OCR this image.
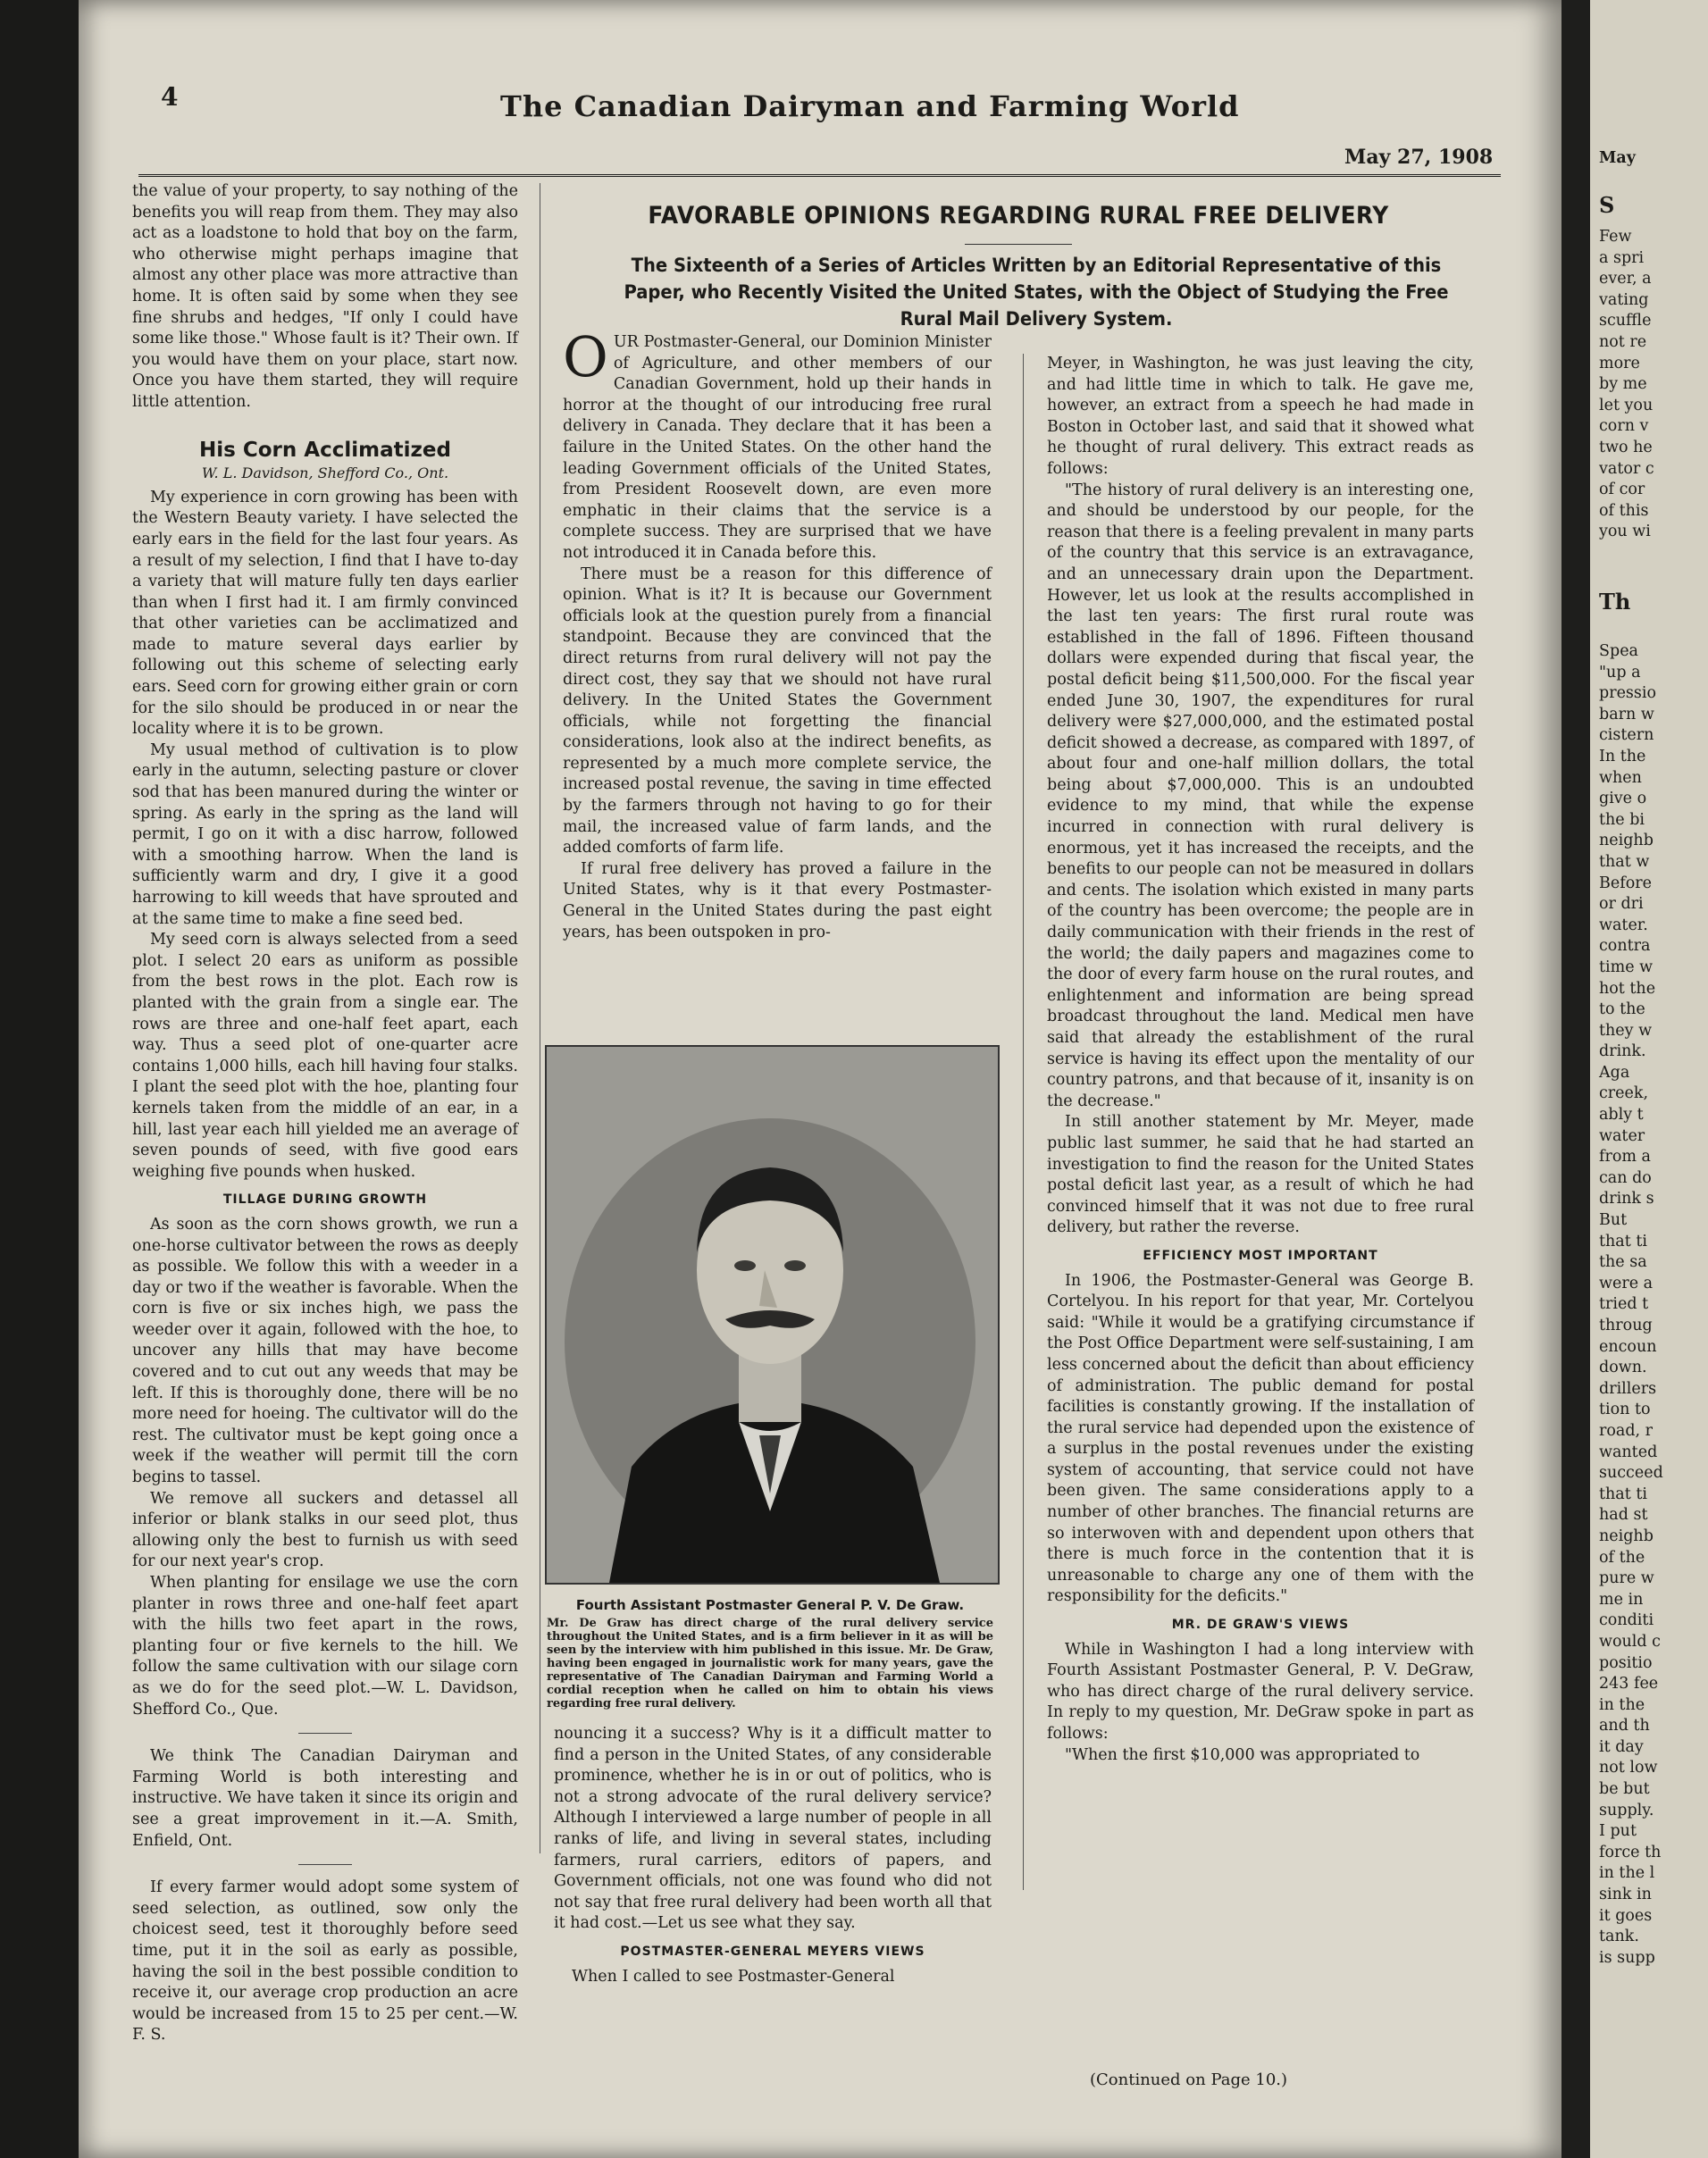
4	The Canadian Dairyman and Farming World
May 27, 1908

the value of your property, to say nothing of the benefits you will reap from them. They may also act as a loadstone to hold that boy on the farm, who otherwise might perhaps imagine that almost any other place was more attractive than home. It is often said by some when they see fine shrubs and hedges, "If only I could have some like those." Whose fault is it? Their own. If you would have them on your place, start now. Once you have them started, they will require little attention.

His Corn Acclimatized
W. L. Davidson, Shefford Co., Ont.

My experience in corn growing has been with the Western Beauty variety. I have selected the early ears in the field for the last four years. As a result of my selection, I find that I have to-day a variety that will mature fully ten days earlier than when I first had it. I am firmly convinced that other varieties can be acclimatized and made to mature several days earlier by following out this scheme of selecting early ears. Seed corn for growing either grain or corn for the silo should be produced in or near the locality where it is to be grown.

My usual method of cultivation is to plow early in the autumn, selecting pasture or clover sod that has been manured during the winter or spring. As early in the spring as the land will permit, I go on it with a disc harrow, followed with a smoothing harrow. When the land is sufficiently warm and dry, I give it a good harrowing to kill weeds that have sprouted and at the same time to make a fine seed bed.

My seed corn is always selected from a seed plot. I select 20 ears as uniform as possible from the best rows in the plot. Each row is planted with the grain from a single ear. The rows are three and one-half feet apart, each way. Thus a seed plot of one-quarter acre contains 1,000 hills, each hill having four stalks. I plant the seed plot with the hoe, planting four kernels taken from the middle of an ear, in a hill, last year each hill yielded me an average of seven pounds of seed, with five good ears weighing five pounds when husked.

TILLAGE DURING GROWTH

As soon as the corn shows growth, we run a one-horse cultivator between the rows as deeply as possible. We follow this with a weeder in a day or two if the weather is favorable. When the corn is five or six inches high, we pass the weeder over it again, followed with the hoe, to uncover any hills that may have become covered and to cut out any weeds that may be left. If this is thoroughly done, there will be no more need for hoeing. The cultivator will do the rest. The cultivator must be kept going once a week if the weather will permit till the corn begins to tassel.

We remove all suckers and detassel all inferior or blank stalks in our seed plot, thus allowing only the best to furnish us with seed for our next year's crop.

When planting for ensilage we use the corn planter in rows three and one-half feet apart with the hills two feet apart in the rows, planting four or five kernels to the hill. We follow the same cultivation with our silage corn as we do for the seed plot.—W. L. Davidson, Shefford Co., Que.

We think The Canadian Dairyman and Farming World is both interesting and instructive. We have taken it since its origin and see a great improvement in it.—A. Smith, Enfield, Ont.

If every farmer would adopt some system of seed selection, as outlined, sow only the choicest seed, test it thoroughly before seed time, put it in the soil as early as possible, having the soil in the best possible condition to receive it, our average crop production an acre would be increased from 15 to 25 per cent.—W. F. S.

FAVORABLE OPINIONS REGARDING RURAL FREE DELIVERY
The Sixteenth of a Series of Articles Written by an Editorial Representative of this Paper, who Recently Visited the United States, with the Object of Studying the Free Rural Mail Delivery System.

OUR Postmaster-General, our Dominion Minister of Agriculture, and other members of our Canadian Government, hold up their hands in horror at the thought of our introducing free rural delivery in Canada. They declare that it has been a failure in the United States. On the other hand the leading Government officials of the United States, from President Roosevelt down, are even more emphatic in their claims that the service is a complete success. They are surprised that we have not introduced it in Canada before this.

There must be a reason for this difference of opinion. What is it? It is because our Government officials look at the question purely from a financial standpoint. Because they are convinced that the direct returns from rural delivery will not pay the direct cost, they say that we should not have rural delivery. In the United States the Government officials, while not forgetting the financial considerations, look also at the indirect benefits, as represented by a much more complete service, the increased postal revenue, the saving in time effected by the farmers through not having to go for their mail, the increased value of farm lands, and the added comforts of farm life.

If rural free delivery has proved a failure in the United States, why is it that every Postmaster-General in the United States during the past eight years, has been outspoken in pro-

Fourth Assistant Postmaster General P. V. De Graw.
Mr. De Graw has direct charge of the rural delivery service throughout the United States, and is a firm believer in it as will be seen by the interview with him published in this issue. Mr. De Graw, having been engaged in journalistic work for many years, gave the representative of The Canadian Dairyman and Farming World a cordial reception when he called on him to obtain his views regarding free rural delivery.

nouncing it a success? Why is it a difficult matter to find a person in the United States, of any considerable prominence, whether he is in or out of politics, who is not a strong advocate of the rural delivery service? Although I interviewed a large number of people in all ranks of life, and living in several states, including farmers, rural carriers, editors of papers, and Government officials, not one was found who did not not say that free rural delivery had been worth all that it had cost.—Let us see what they say.

POSTMASTER-GENERAL MEYERS VIEWS

When I called to see Postmaster-General

Meyer, in Washington, he was just leaving the city, and had little time in which to talk. He gave me, however, an extract from a speech he had made in Boston in October last, and said that it showed what he thought of rural delivery. This extract reads as follows:

"The history of rural delivery is an interesting one, and should be understood by our people, for the reason that there is a feeling prevalent in many parts of the country that this service is an extravagance, and an unnecessary drain upon the Department. However, let us look at the results accomplished in the last ten years: The first rural route was established in the fall of 1896. Fifteen thousand dollars were expended during that fiscal year, the postal deficit being $11,500,000. For the fiscal year ended June 30, 1907, the expenditures for rural delivery were $27,000,000, and the estimated postal deficit showed a decrease, as compared with 1897, of about four and one-half million dollars, the total being about $7,000,000. This is an undoubted evidence to my mind, that while the expense incurred in connection with rural delivery is enormous, yet it has increased the receipts, and the benefits to our people can not be measured in dollars and cents. The isolation which existed in many parts of the country has been overcome; the people are in daily communication with their friends in the rest of the world; the daily papers and magazines come to the door of every farm house on the rural routes, and enlightenment and information are being spread broadcast throughout the land. Medical men have said that already the establishment of the rural service is having its effect upon the mentality of our country patrons, and that because of it, insanity is on the decrease."

In still another statement by Mr. Meyer, made public last summer, he said that he had started an investigation to find the reason for the United States postal deficit last year, as a result of which he had convinced himself that it was not due to free rural delivery, but rather the reverse.

EFFICIENCY MOST IMPORTANT

In 1906, the Postmaster-General was George B. Cortelyou. In his report for that year, Mr. Cortelyou said: "While it would be a gratifying circumstance if the Post Office Department were self-sustaining, I am less concerned about the deficit than about efficiency of administration. The public demand for postal facilities is constantly growing. If the installation of the rural service had depended upon the existence of a surplus in the postal revenues under the existing system of accounting, that service could not have been given. The same considerations apply to a number of other branches. The financial returns are so interwoven with and dependent upon others that there is much force in the contention that it is unreasonable to charge any one of them with the responsibility for the deficits."

MR. DE GRAW'S VIEWS

While in Washington I had a long interview with Fourth Assistant Postmaster General, P. V. DeGraw, who has direct charge of the rural delivery service. In reply to my question, Mr. DeGraw spoke in part as follows:

"When the first $10,000 was appropriated to

(Continued on Page 10.)
May
S
Few
a spri
ever, a
vating
scuffle
not re
more
by me
let you
corn v
two he
vator c
of cor
of this
you wi
Th
Spea
"up a
pressio
barn w
cistern
In the
when
give o
the bi
neighb
that w
Before
or dri
water.
contra
time w
hot the
to the
they w
drink.
Aga
creek,
ably t
water
from a
can do
drink s
But
that ti
the sa
were a
tried t
throug
encoun
down.
drillers
tion to
road, r
wanted
succeed
that ti
had st
neighb
of the
pure w
me in
conditi
would c
positio
243 fee
in the
and th
it day
not low
be but
supply.
I put
force th
in the l
sink in
it goes
tank.
is supp
